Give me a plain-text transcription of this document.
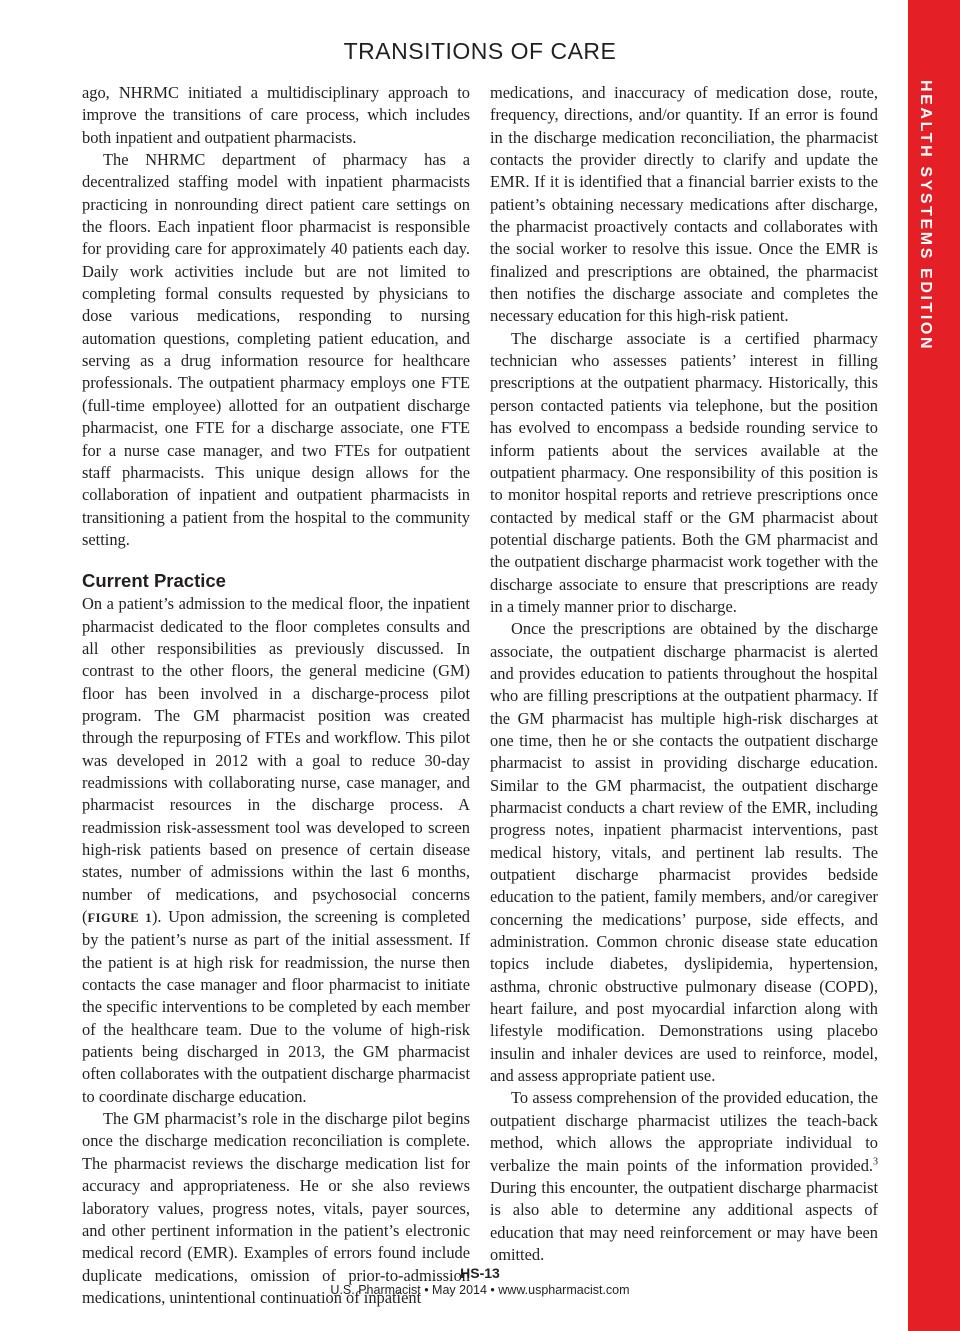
TRANSITIONS OF CARE
HEALTH SYSTEMS EDITION

ago, NHRMC initiated a multidisciplinary approach to improve the transitions of care process, which includes both inpatient and outpatient pharmacists.

The NHRMC department of pharmacy has a decentralized staffing model with inpatient pharmacists practicing in nonrounding direct patient care settings on the floors. Each inpatient floor pharmacist is responsible for providing care for approximately 40 patients each day. Daily work activities include but are not limited to completing formal consults requested by physicians to dose various medications, responding to nursing automation questions, completing patient education, and serving as a drug information resource for healthcare professionals. The outpatient pharmacy employs one FTE (full-time employee) allotted for an outpatient discharge pharmacist, one FTE for a discharge associate, one FTE for a nurse case manager, and two FTEs for outpatient staff pharmacists. This unique design allows for the collaboration of inpatient and outpatient pharmacists in transitioning a patient from the hospital to the community setting.

Current Practice

On a patient’s admission to the medical floor, the inpatient pharmacist dedicated to the floor completes consults and all other responsibilities as previously discussed. In contrast to the other floors, the general medicine (GM) floor has been involved in a discharge-process pilot program. The GM pharmacist position was created through the repurposing of FTEs and workflow. This pilot was developed in 2012 with a goal to reduce 30-day readmissions with collaborating nurse, case manager, and pharmacist resources in the discharge process. A readmission risk-assessment tool was developed to screen high-risk patients based on presence of certain disease states, number of admissions within the last 6 months, number of medications, and psychosocial concerns (FIGURE 1). Upon admission, the screening is completed by the patient’s nurse as part of the initial assessment. If the patient is at high risk for readmission, the nurse then contacts the case manager and floor pharmacist to initiate the specific interventions to be completed by each member of the healthcare team. Due to the volume of high-risk patients being discharged in 2013, the GM pharmacist often collaborates with the outpatient discharge pharmacist to coordinate discharge education.

The GM pharmacist’s role in the discharge pilot begins once the discharge medication reconciliation is complete. The pharmacist reviews the discharge medication list for accuracy and appropriateness. He or she also reviews laboratory values, progress notes, vitals, payer sources, and other pertinent information in the patient’s electronic medical record (EMR). Examples of errors found include duplicate medications, omission of prior-to-admission medications, unintentional continuation of inpatient

medications, and inaccuracy of medication dose, route, frequency, directions, and/or quantity. If an error is found in the discharge medication reconciliation, the pharmacist contacts the provider directly to clarify and update the EMR. If it is identified that a financial barrier exists to the patient’s obtaining necessary medications after discharge, the pharmacist proactively contacts and collaborates with the social worker to resolve this issue. Once the EMR is finalized and prescriptions are obtained, the pharmacist then notifies the discharge associate and completes the necessary education for this high-risk patient.

The discharge associate is a certified pharmacy technician who assesses patients’ interest in filling prescriptions at the outpatient pharmacy. Historically, this person contacted patients via telephone, but the position has evolved to encompass a bedside rounding service to inform patients about the services available at the outpatient pharmacy. One responsibility of this position is to monitor hospital reports and retrieve prescriptions once contacted by medical staff or the GM pharmacist about potential discharge patients. Both the GM pharmacist and the outpatient discharge pharmacist work together with the discharge associate to ensure that prescriptions are ready in a timely manner prior to discharge.

Once the prescriptions are obtained by the discharge associate, the outpatient discharge pharmacist is alerted and provides education to patients throughout the hospital who are filling prescriptions at the outpatient pharmacy. If the GM pharmacist has multiple high-risk discharges at one time, then he or she contacts the outpatient discharge pharmacist to assist in providing discharge education. Similar to the GM pharmacist, the outpatient discharge pharmacist conducts a chart review of the EMR, including progress notes, inpatient pharmacist interventions, past medical history, vitals, and pertinent lab results. The outpatient discharge pharmacist provides bedside education to the patient, family members, and/or caregiver concerning the medications’ purpose, side effects, and administration. Common chronic disease state education topics include diabetes, dyslipidemia, hypertension, asthma, chronic obstructive pulmonary disease (COPD), heart failure, and post myocardial infarction along with lifestyle modification. Demonstrations using placebo insulin and inhaler devices are used to reinforce, model, and assess appropriate patient use.

To assess comprehension of the provided education, the outpatient discharge pharmacist utilizes the teach-back method, which allows the appropriate individual to verbalize the main points of the information provided.$^3$ During this encounter, the outpatient discharge pharmacist is also able to determine any additional aspects of education that may need reinforcement or may have been omitted.

HS-13
U.S. Pharmacist • May 2014 • www.uspharmacist.com
